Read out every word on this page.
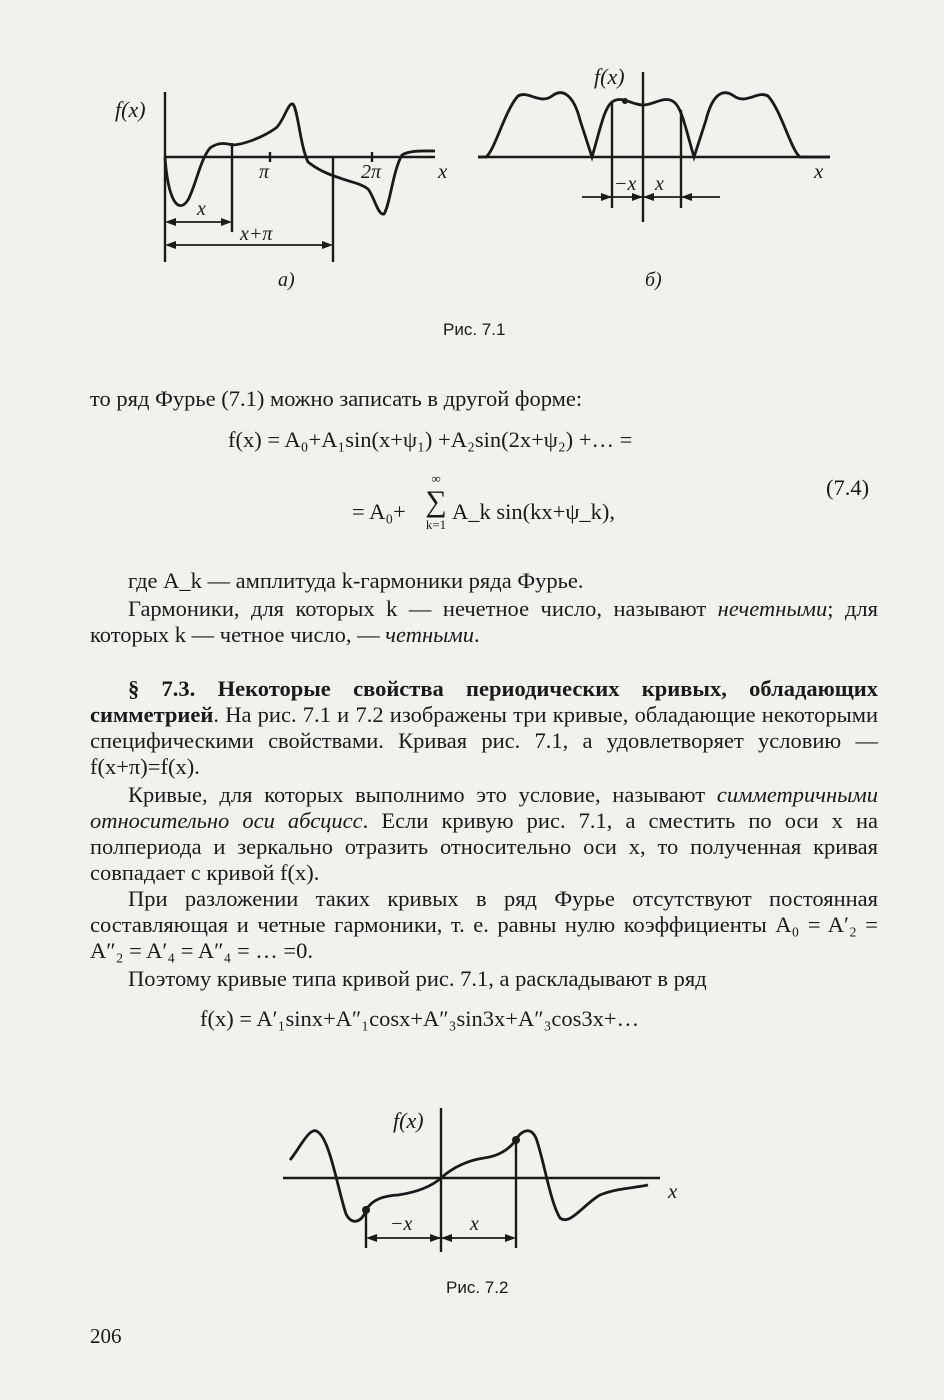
f(x)
π	2π	x
x
x+π
а)
f(x)
x
−x x
б)
Рис. 7.1
то ряд Фурье (7.1) можно записать в другой форме:
f(x) = A₀+A₁sin(x+ψ₁) +A₂sin(2x+ψ₂) +… =
= A₀+
∞
∑
k=1
A_k sin(kx+ψ_k),
(7.4)
где A_k — амплитуда k-гармоники ряда Фурье.
Гармоники, для которых k — нечетное число, называют нечетными; для которых k — четное число, — четными.
§ 7.3. Некоторые свойства периодических кривых, обладающих симметрией. На рис. 7.1 и 7.2 изображены три кривые, обладающие некоторыми специфическими свойствами. Кривая рис. 7.1, а удовлетворяет условию — f(x+π)=f(x).
Кривые, для которых выполнимо это условие, называют симметричными относительно оси абсцисс. Если кривую рис. 7.1, а сместить по оси x на полпериода и зеркально отразить относительно оси x, то полученная кривая совпадает с кривой f(x).
При разложении таких кривых в ряд Фурье отсутствуют постоянная составляющая и четные гармоники, т. е. равны нулю коэффициенты A₀ = A′₂ = A″₂ = A′₄ = A″₄ = … =0.
Поэтому кривые типа кривой рис. 7.1, а раскладывают в ряд
f(x) = A′₁sinx+A″₁cosx+A″₃sin3x+A″₃cos3x+…
f(x)
x
−x	x
Рис. 7.2
206
